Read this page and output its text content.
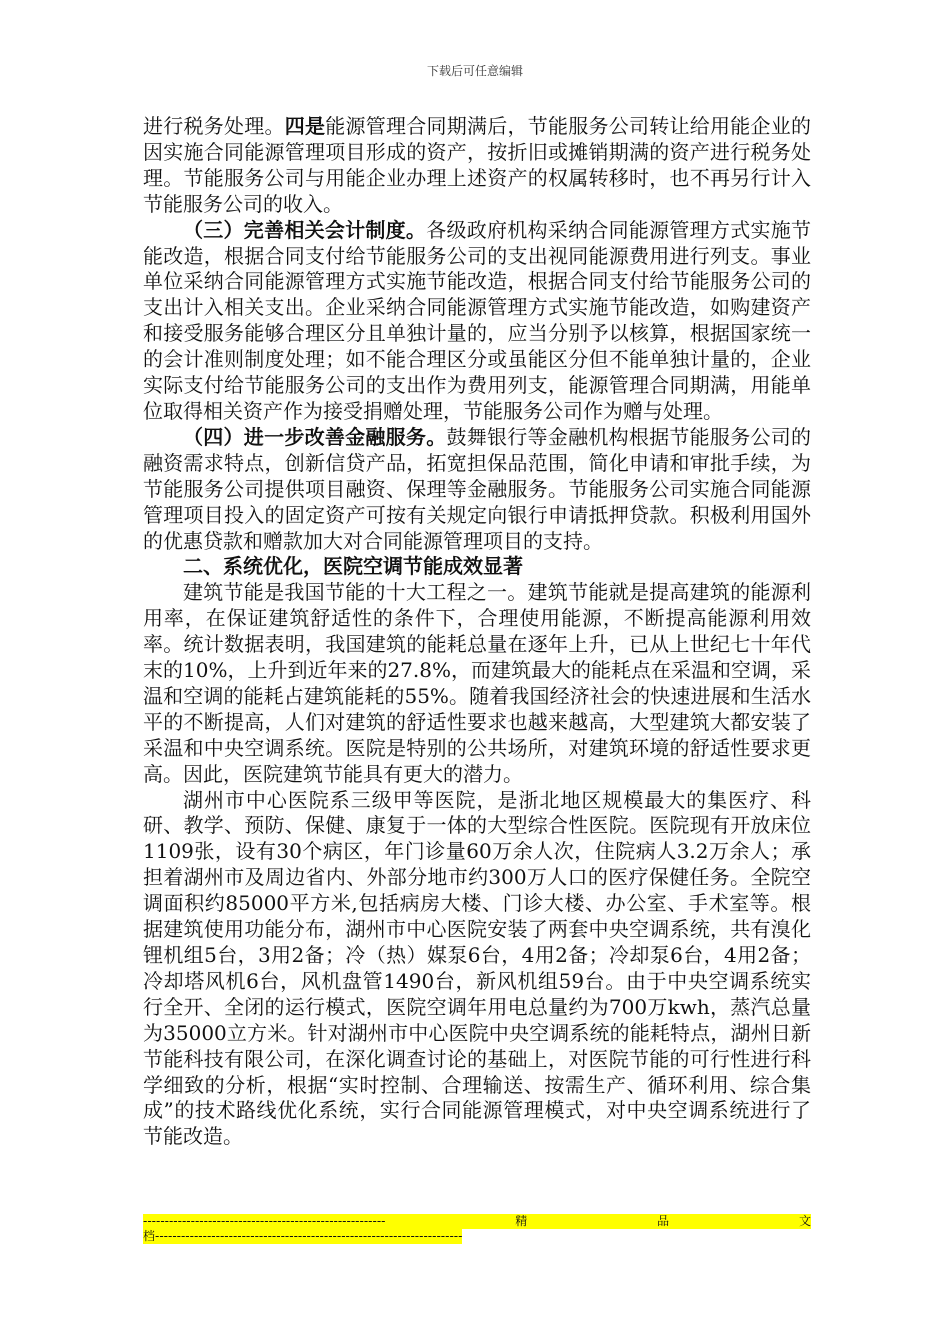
下载后可任意编辑

进行税务处理。四是能源管理合同期满后，节能服务公司转让给用能企业的因实施合同能源管理项目形成的资产，按折旧或摊销期满的资产进行税务处理。节能服务公司与用能企业办理上述资产的权属转移时，也不再另行计入节能服务公司的收入。

（三）完善相关会计制度。各级政府机构采纳合同能源管理方式实施节能改造，根据合同支付给节能服务公司的支出视同能源费用进行列支。事业单位采纳合同能源管理方式实施节能改造，根据合同支付给节能服务公司的支出计入相关支出。企业采纳合同能源管理方式实施节能改造，如购建资产和接受服务能够合理区分且单独计量的，应当分别予以核算，根据国家统一的会计准则制度处理；如不能合理区分或虽能区分但不能单独计量的，企业实际支付给节能服务公司的支出作为费用列支，能源管理合同期满，用能单位取得相关资产作为接受捐赠处理，节能服务公司作为赠与处理。

（四）进一步改善金融服务。鼓舞银行等金融机构根据节能服务公司的融资需求特点，创新信贷产品，拓宽担保品范围，简化申请和审批手续，为节能服务公司提供项目融资、保理等金融服务。节能服务公司实施合同能源管理项目投入的固定资产可按有关规定向银行申请抵押贷款。积极利用国外的优惠贷款和赠款加大对合同能源管理项目的支持。

二、系统优化，医院空调节能成效显著

建筑节能是我国节能的十大工程之一。建筑节能就是提高建筑的能源利用率，在保证建筑舒适性的条件下，合理使用能源，不断提高能源利用效率。统计数据表明，我国建筑的能耗总量在逐年上升，已从上世纪七十年代末的10%，上升到近年来的27.8%，而建筑最大的能耗点在采温和空调，采温和空调的能耗占建筑能耗的55%。随着我国经济社会的快速进展和生活水平的不断提高，人们对建筑的舒适性要求也越来越高，大型建筑大都安装了采温和中央空调系统。医院是特别的公共场所，对建筑环境的舒适性要求更高。因此，医院建筑节能具有更大的潜力。

湖州市中心医院系三级甲等医院，是浙北地区规模最大的集医疗、科研、教学、预防、保健、康复于一体的大型综合性医院。医院现有开放床位1109张，设有30个病区，年门诊量60万余人次，住院病人3.2万余人；承担着湖州市及周边省内、外部分地市约300万人口的医疗保健任务。全院空调面积约85000平方米,包括病房大楼、门诊大楼、办公室、手术室等。根据建筑使用功能分布，湖州市中心医院安装了两套中央空调系统，共有溴化锂机组5台，3用2备；冷（热）媒泵6台，4用2备；冷却泵6台，4用2备；冷却塔风机6台，风机盘管1490台，新风机组59台。由于中央空调系统实行全开、全闭的运行模式，医院空调年用电总量约为700万kwh，蒸汽总量为35000立方米。针对湖州市中心医院中央空调系统的能耗特点，湖州日新节能科技有限公司，在深化调查讨论的基础上，对医院节能的可行性进行科学细致的分析，根据“实时控制、合理输送、按需生产、循环利用、综合集成”的技术路线优化系统，实行合同能源管理模式，对中央空调系统进行了节能改造。

--------------------------------------------------------	精	品	文
档-----------------------------------------------------------------------
